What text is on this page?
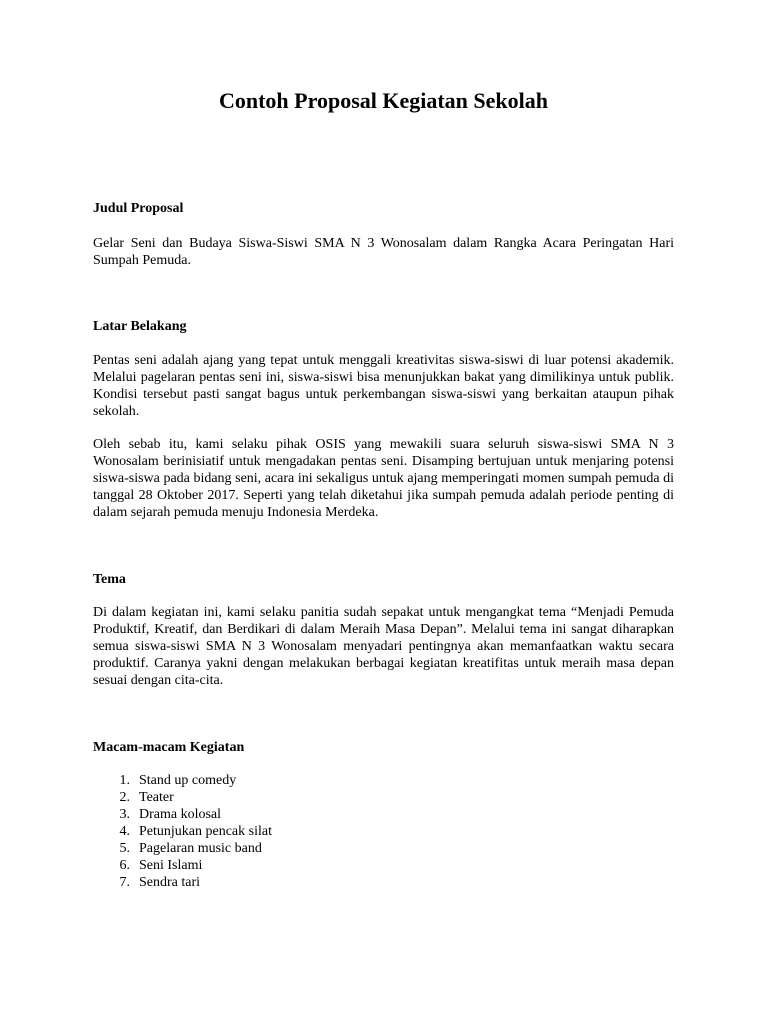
Contoh Proposal Kegiatan Sekolah
Judul Proposal

Gelar Seni dan Budaya Siswa-Siswi SMA N 3 Wonosalam dalam Rangka Acara Peringatan Hari Sumpah Pemuda.

Latar Belakang

Pentas seni adalah ajang yang tepat untuk menggali kreativitas siswa-siswi di luar potensi akademik. Melalui pagelaran pentas seni ini, siswa-siswi bisa menunjukkan bakat yang dimilikinya untuk publik. Kondisi tersebut pasti sangat bagus untuk perkembangan siswa-siswi yang berkaitan ataupun pihak sekolah.

Oleh sebab itu, kami selaku pihak OSIS yang mewakili suara seluruh siswa-siswi SMA N 3 Wonosalam berinisiatif untuk mengadakan pentas seni. Disamping bertujuan untuk menjaring potensi siswa-siswa pada bidang seni, acara ini sekaligus untuk ajang memperingati momen sumpah pemuda di tanggal 28 Oktober 2017. Seperti yang telah diketahui jika sumpah pemuda adalah periode penting di dalam sejarah pemuda menuju Indonesia Merdeka.

Tema

Di dalam kegiatan ini, kami selaku panitia sudah sepakat untuk mengangkat tema “Menjadi Pemuda Produktif, Kreatif, dan Berdikari di dalam Meraih Masa Depan”. Melalui tema ini sangat diharapkan semua siswa-siswi SMA N 3 Wonosalam menyadari pentingnya akan memanfaatkan waktu secara produktif. Caranya yakni dengan melakukan berbagai kegiatan kreatifitas untuk meraih masa depan sesuai dengan cita-cita.

Macam-macam Kegiatan
1. Stand up comedy
2. Teater
3. Drama kolosal
4. Petunjukan pencak silat
5. Pagelaran music band
6. Seni Islami
7. Sendra tari
